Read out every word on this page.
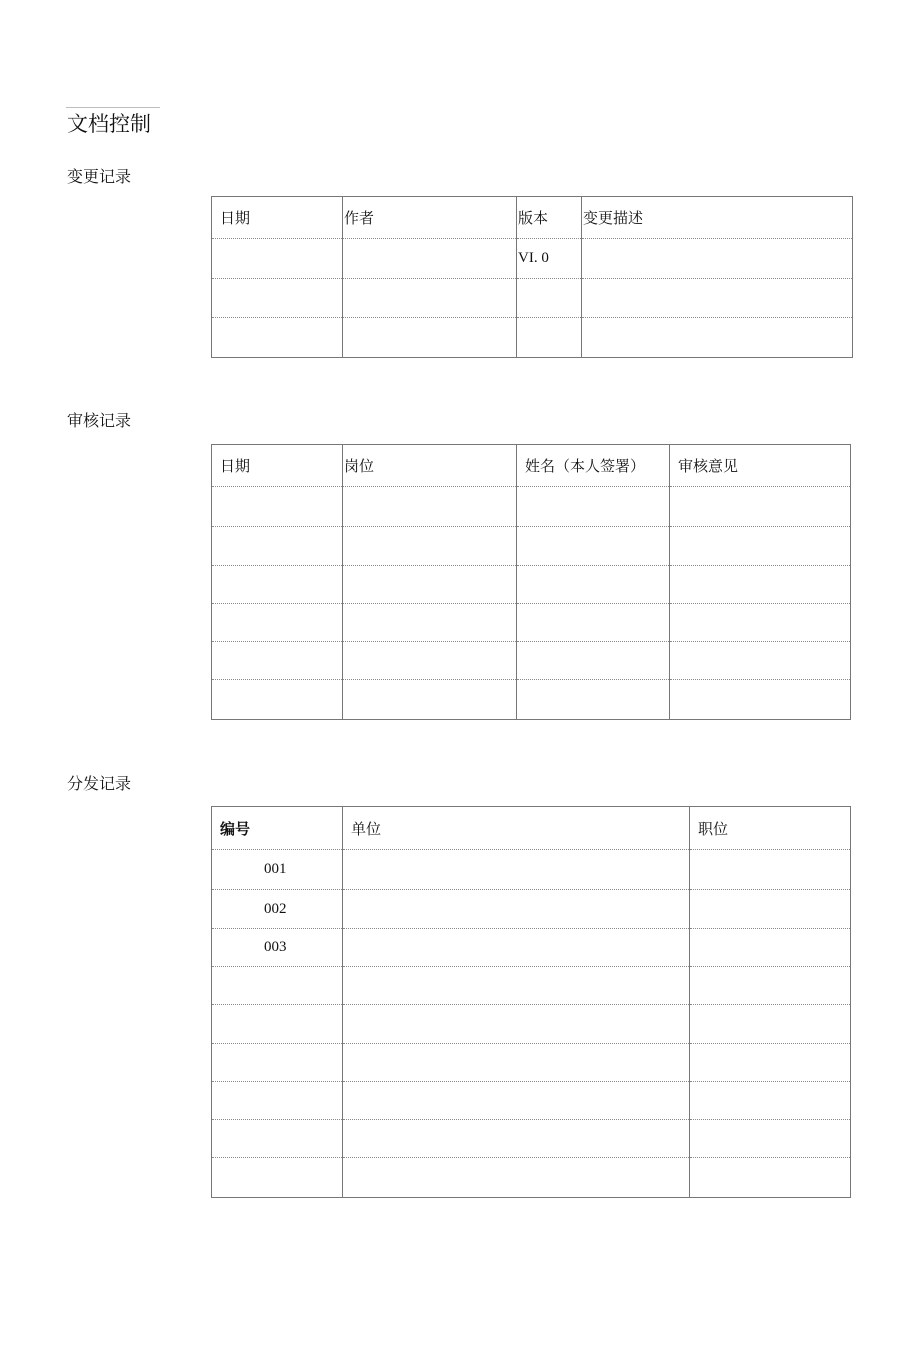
文档控制
变更记录
日期	作者	版本	变更描述
		VI. 0	

审核记录
日期	岗位	姓名（本人签署）	审核意见

分发记录
编号	单位	职位
001		
002		
003		
